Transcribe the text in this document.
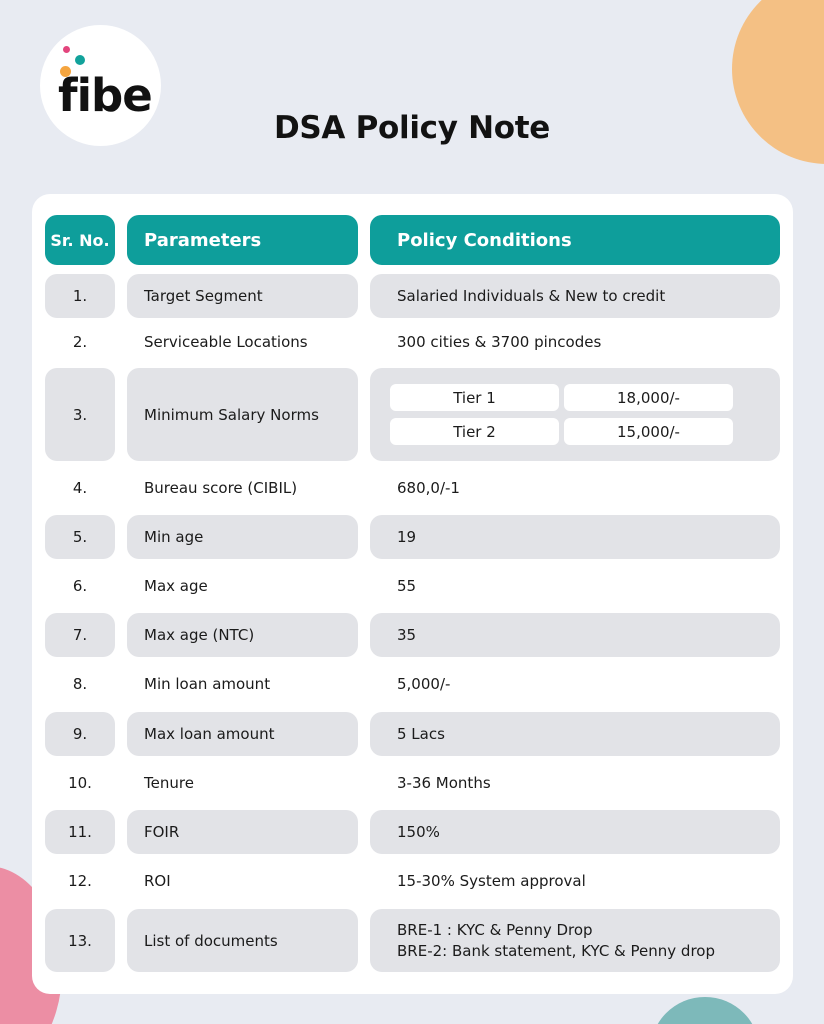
fibe
DSA Policy Note
Sr. No.	Parameters	Policy Conditions
1.	Target Segment	Salaried Individuals & New to credit
2.	Serviceable Locations	300 cities & 3700 pincodes
3.	Minimum Salary Norms
Tier 1	18,000/-
Tier 2	15,000/-
4.	Bureau score (CIBIL)	680,0/-1
5.	Min age	19
6.	Max age	55
7.	Max age (NTC)	35
8.	Min loan amount	5,000/-
9.	Max loan amount	5 Lacs
10.	Tenure	3-36 Months
11.	FOIR	150%
12.	ROI	15-30% System approval
13.	List of documents
BRE-1 : KYC & Penny Drop
BRE-2: Bank statement, KYC & Penny drop
